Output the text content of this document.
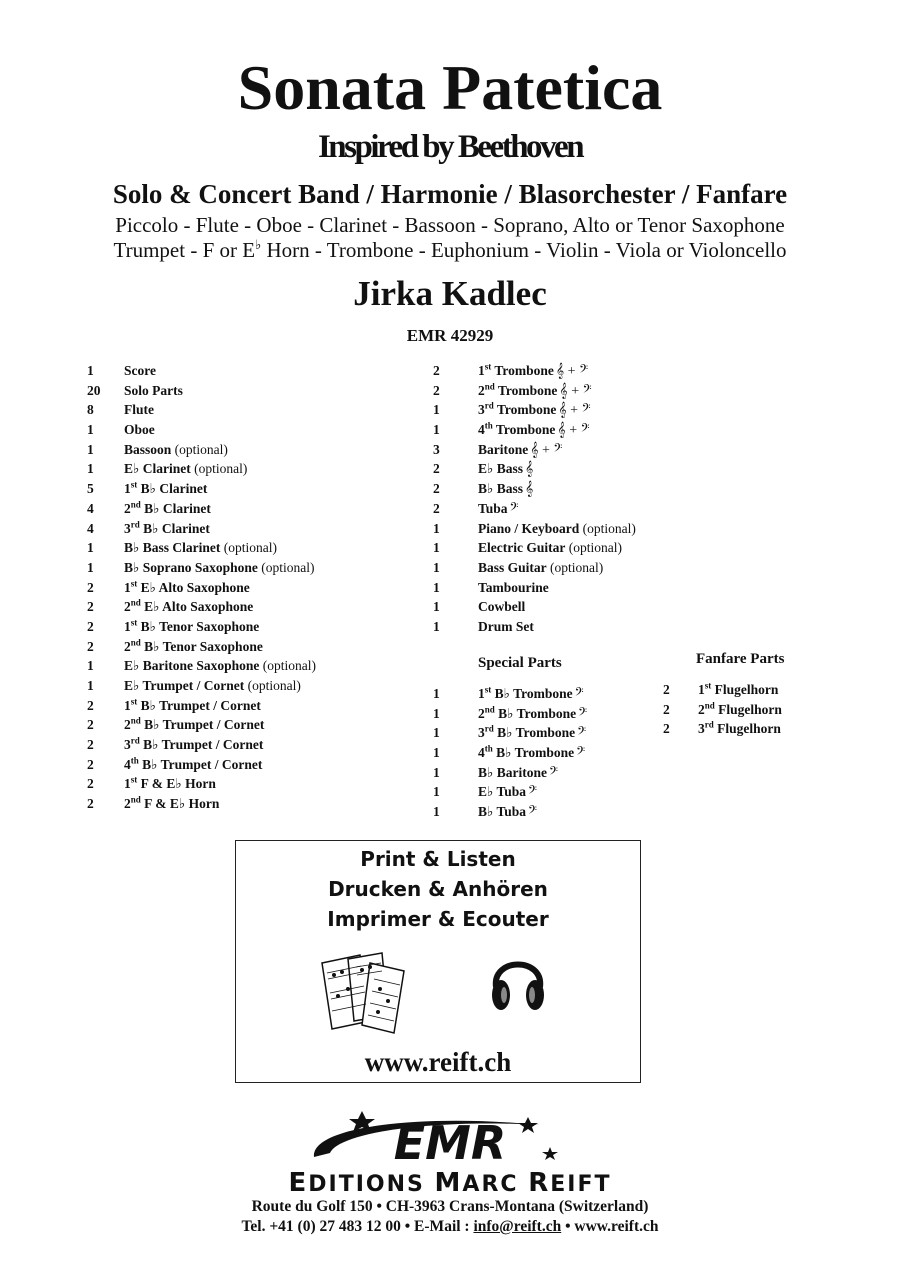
Sonata Patetica
Inspired by Beethoven
Solo & Concert Band / Harmonie / Blasorchester / Fanfare
Piccolo - Flute - Oboe - Clarinet - Bassoon - Soprano, Alto or Tenor Saxophone
Trumpet - F or E♭ Horn - Trombone - Euphonium - Violin - Viola or Violoncello
Jirka Kadlec
EMR 42929
1 Score
20 Solo Parts
8 Flute
1 Oboe
1 Bassoon (optional)
1 E♭ Clarinet (optional)
5 1st B♭ Clarinet
4 2nd B♭ Clarinet
4 3rd B♭ Clarinet
1 B♭ Bass Clarinet (optional)
1 B♭ Soprano Saxophone (optional)
2 1st E♭ Alto Saxophone
2 2nd E♭ Alto Saxophone
2 1st B♭ Tenor Saxophone
2 2nd B♭ Tenor Saxophone
1 E♭ Baritone Saxophone (optional)
1 E♭ Trumpet / Cornet (optional)
2 1st B♭ Trumpet / Cornet
2 2nd B♭ Trumpet / Cornet
2 3rd B♭ Trumpet / Cornet
2 4th B♭ Trumpet / Cornet
2 1st F & E♭ Horn
2 2nd F & E♭ Horn
2	1st Trombone 𝄞 + 𝄢
2	2nd Trombone 𝄞 + 𝄢
1	3rd Trombone 𝄞 + 𝄢
1	4th Trombone 𝄞 + 𝄢
3	Baritone 𝄞 + 𝄢
2	E♭ Bass 𝄞
2	B♭ Bass 𝄞
2	Tuba 𝄢
1	Piano / Keyboard (optional)
1	Electric Guitar (optional)
1	Bass Guitar (optional)
1	Tambourine
1	Cowbell
1	Drum Set
Special Parts
1	1st B♭ Trombone 𝄢
1	2nd B♭ Trombone 𝄢
1	3rd B♭ Trombone 𝄢
1	4th B♭ Trombone 𝄢
1	B♭ Baritone 𝄢
1	E♭ Tuba 𝄢
1	B♭ Tuba 𝄢
Fanfare Parts
2 1st Flugelhorn
2 2nd Flugelhorn
2 3rd Flugelhorn
Print & Listen
Drucken & Anhören
Imprimer & Ecouter
www.reift.ch
EMR
EDITIONS MARC REIFT
Route du Golf 150 • CH-3963 Crans-Montana (Switzerland)
Tel. +41 (0) 27 483 12 00 • E-Mail : info@reift.ch • www.reift.ch
